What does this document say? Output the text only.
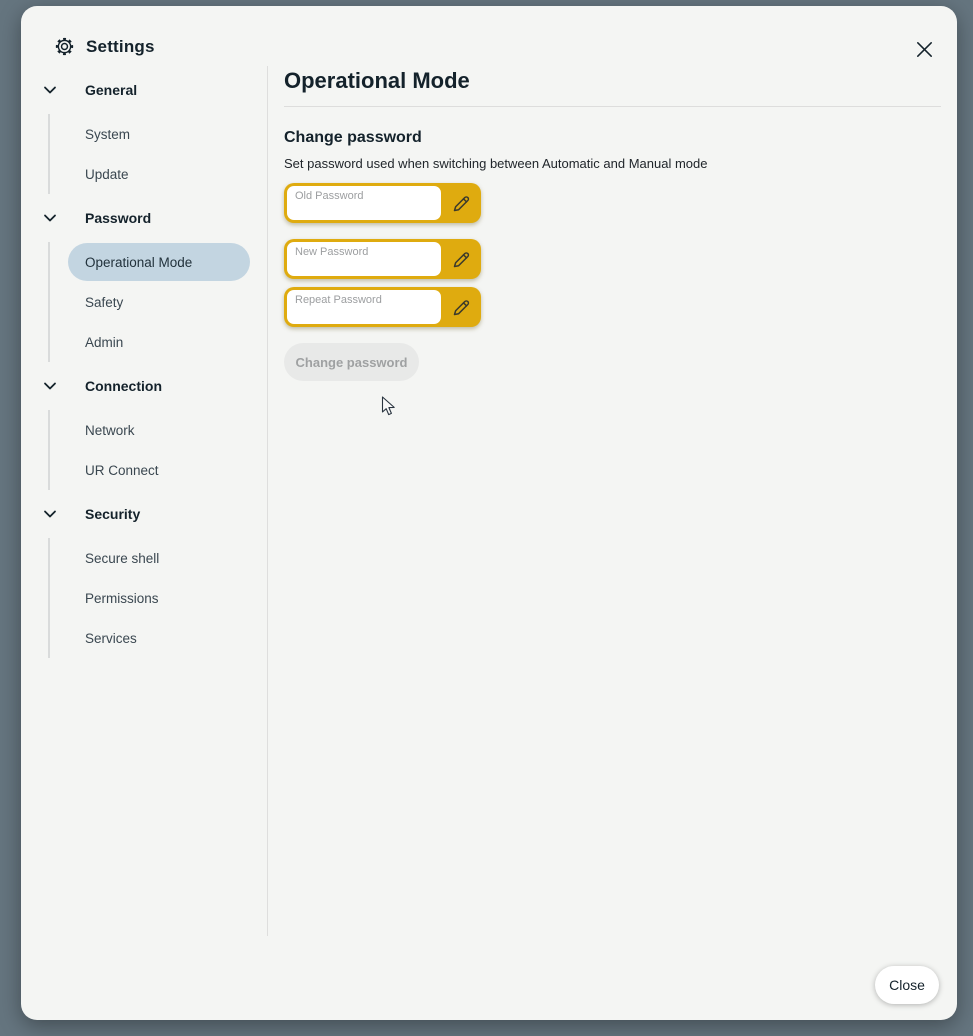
Settings
General
System
Update
Password
Operational Mode
Safety
Admin
Connection
Network
UR Connect
Security
Secure shell
Permissions
Services
Operational Mode
Change password
Set password used when switching between Automatic and Manual mode
Old Password
New Password
Repeat Password
Change password
Close
